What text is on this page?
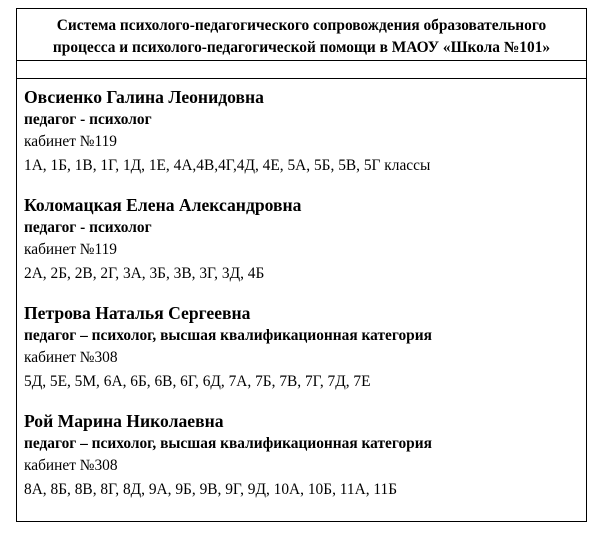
Система психолого-педагогического сопровождения образовательного
процесса и психолого-педагогической помощи в МАОУ «Школа №101»
Овсиенко Галина Леонидовна
педагог - психолог
кабинет №119
1А, 1Б, 1В, 1Г, 1Д, 1Е, 4А,4В,4Г,4Д, 4Е, 5А, 5Б, 5В, 5Г классы
Коломацкая Елена Александровна
педагог - психолог
кабинет №119
2А, 2Б, 2В, 2Г, 3А, 3Б, 3В, 3Г, 3Д, 4Б
Петрова Наталья Сергеевна
педагог – психолог, высшая квалификационная категория
кабинет №308
5Д, 5Е, 5М, 6А, 6Б, 6В, 6Г, 6Д, 7А, 7Б, 7В, 7Г, 7Д, 7Е
Рой Марина Николаевна
педагог – психолог, высшая квалификационная категория
кабинет №308
8А, 8Б, 8В, 8Г, 8Д, 9А, 9Б, 9В, 9Г, 9Д, 10А, 10Б, 11А, 11Б
